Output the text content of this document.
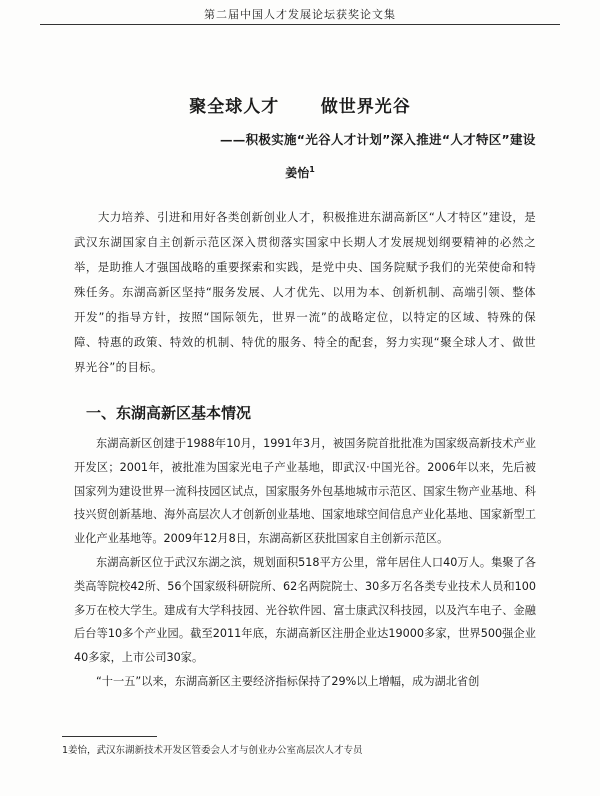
第二届中国人才发展论坛获奖论文集
聚全球人才      做世界光谷
——积极实施“光谷人才计划”深入推进“人才特区”建设
姜怡$^1$

大力培养、引进和用好各类创新创业人才，积极推进东湖高新区“人才特区”建设，是武汉东湖国家自主创新示范区深入贯彻落实国家中长期人才发展规划纲要精神的必然之举，是助推人才强国战略的重要探索和实践，是党中央、国务院赋予我们的光荣使命和特殊任务。东湖高新区坚持“服务发展、人才优先、以用为本、创新机制、高端引领、整体开发”的指导方针，按照“国际领先，世界一流”的战略定位，以特定的区域、特殊的保障、特惠的政策、特效的机制、特优的服务、特全的配套，努力实现“聚全球人才、做世界光谷”的目标。

一、东湖高新区基本情况

东湖高新区创建于1988年10月，1991年3月，被国务院首批批准为国家级高新技术产业开发区；2001年，被批准为国家光电子产业基地，即武汉·中国光谷。2006年以来，先后被国家列为建设世界一流科技园区试点，国家服务外包基地城市示范区、国家生物产业基地、科技兴贸创新基地、海外高层次人才创新创业基地、国家地球空间信息产业化基地、国家新型工业化产业基地等。2009年12月8日，东湖高新区获批国家自主创新示范区。

东湖高新区位于武汉东湖之滨，规划面积518平方公里，常年居住人口40万人。集聚了各类高等院校42所、56个国家级科研院所、62名两院院士、30多万名各类专业技术人员和100多万在校大学生。建成有大学科技园、光谷软件园、富士康武汉科技园，以及汽车电子、金融后台等10多个产业园。截至2011年底，东湖高新区注册企业达19000多家，世界500强企业40多家，上市公司30家。

“十一五”以来，东湖高新区主要经济指标保持了29%以上增幅，成为湖北省创

1姜怡，武汉东湖新技术开发区管委会人才与创业办公室高层次人才专员
